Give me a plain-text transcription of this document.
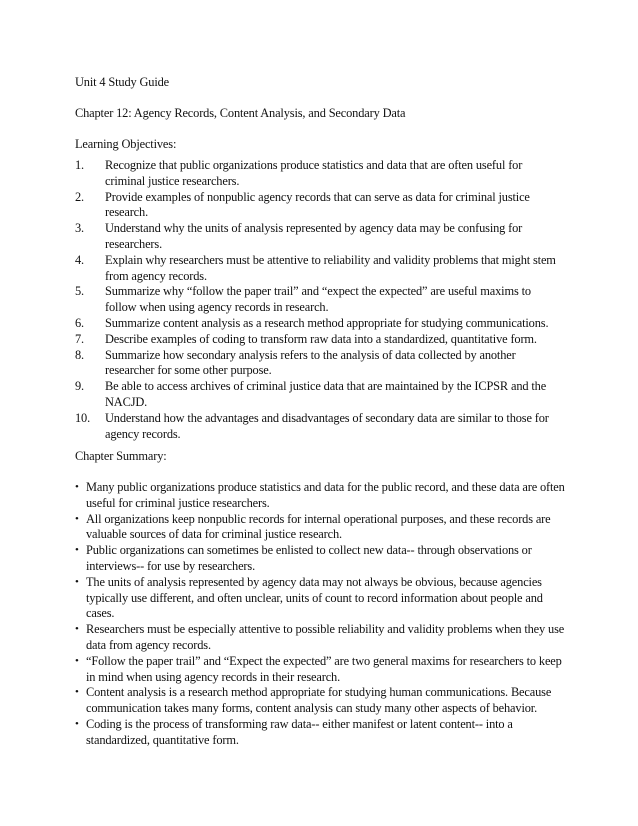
Unit 4 Study Guide
Chapter 12: Agency Records, Content Analysis, and Secondary Data
Learning Objectives:
1.	Recognize that public organizations produce statistics and data that are often useful for criminal justice researchers.
2.	Provide examples of nonpublic agency records that can serve as data for criminal justice research.
3.	Understand why the units of analysis represented by agency data may be confusing for researchers.
4.	Explain why researchers must be attentive to reliability and validity problems that might stem from agency records.
5.	Summarize why “follow the paper trail” and “expect the expected” are useful maxims to follow when using agency records in research.
6.	Summarize content analysis as a research method appropriate for studying communications.
7.	Describe examples of coding to transform raw data into a standardized, quantitative form.
8.	Summarize how secondary analysis refers to the analysis of data collected by another researcher for some other purpose.
9.	Be able to access archives of criminal justice data that are maintained by the ICPSR and the NACJD.
10.	Understand how the advantages and disadvantages of secondary data are similar to those for agency records.
Chapter Summary:
• Many public organizations produce statistics and data for the public record, and these data are often useful for criminal justice researchers.
• All organizations keep nonpublic records for internal operational purposes, and these records are valuable sources of data for criminal justice research.
• Public organizations can sometimes be enlisted to collect new data-- through observations or interviews-- for use by researchers.
• The units of analysis represented by agency data may not always be obvious, because agencies typically use different, and often unclear, units of count to record information about people and cases.
• Researchers must be especially attentive to possible reliability and validity problems when they use data from agency records.
• “Follow the paper trail” and “Expect the expected” are two general maxims for researchers to keep in mind when using agency records in their research.
• Content analysis is a research method appropriate for studying human communications. Because communication takes many forms, content analysis can study many other aspects of behavior.
• Coding is the process of transforming raw data-- either manifest or latent content-- into a standardized, quantitative form.
